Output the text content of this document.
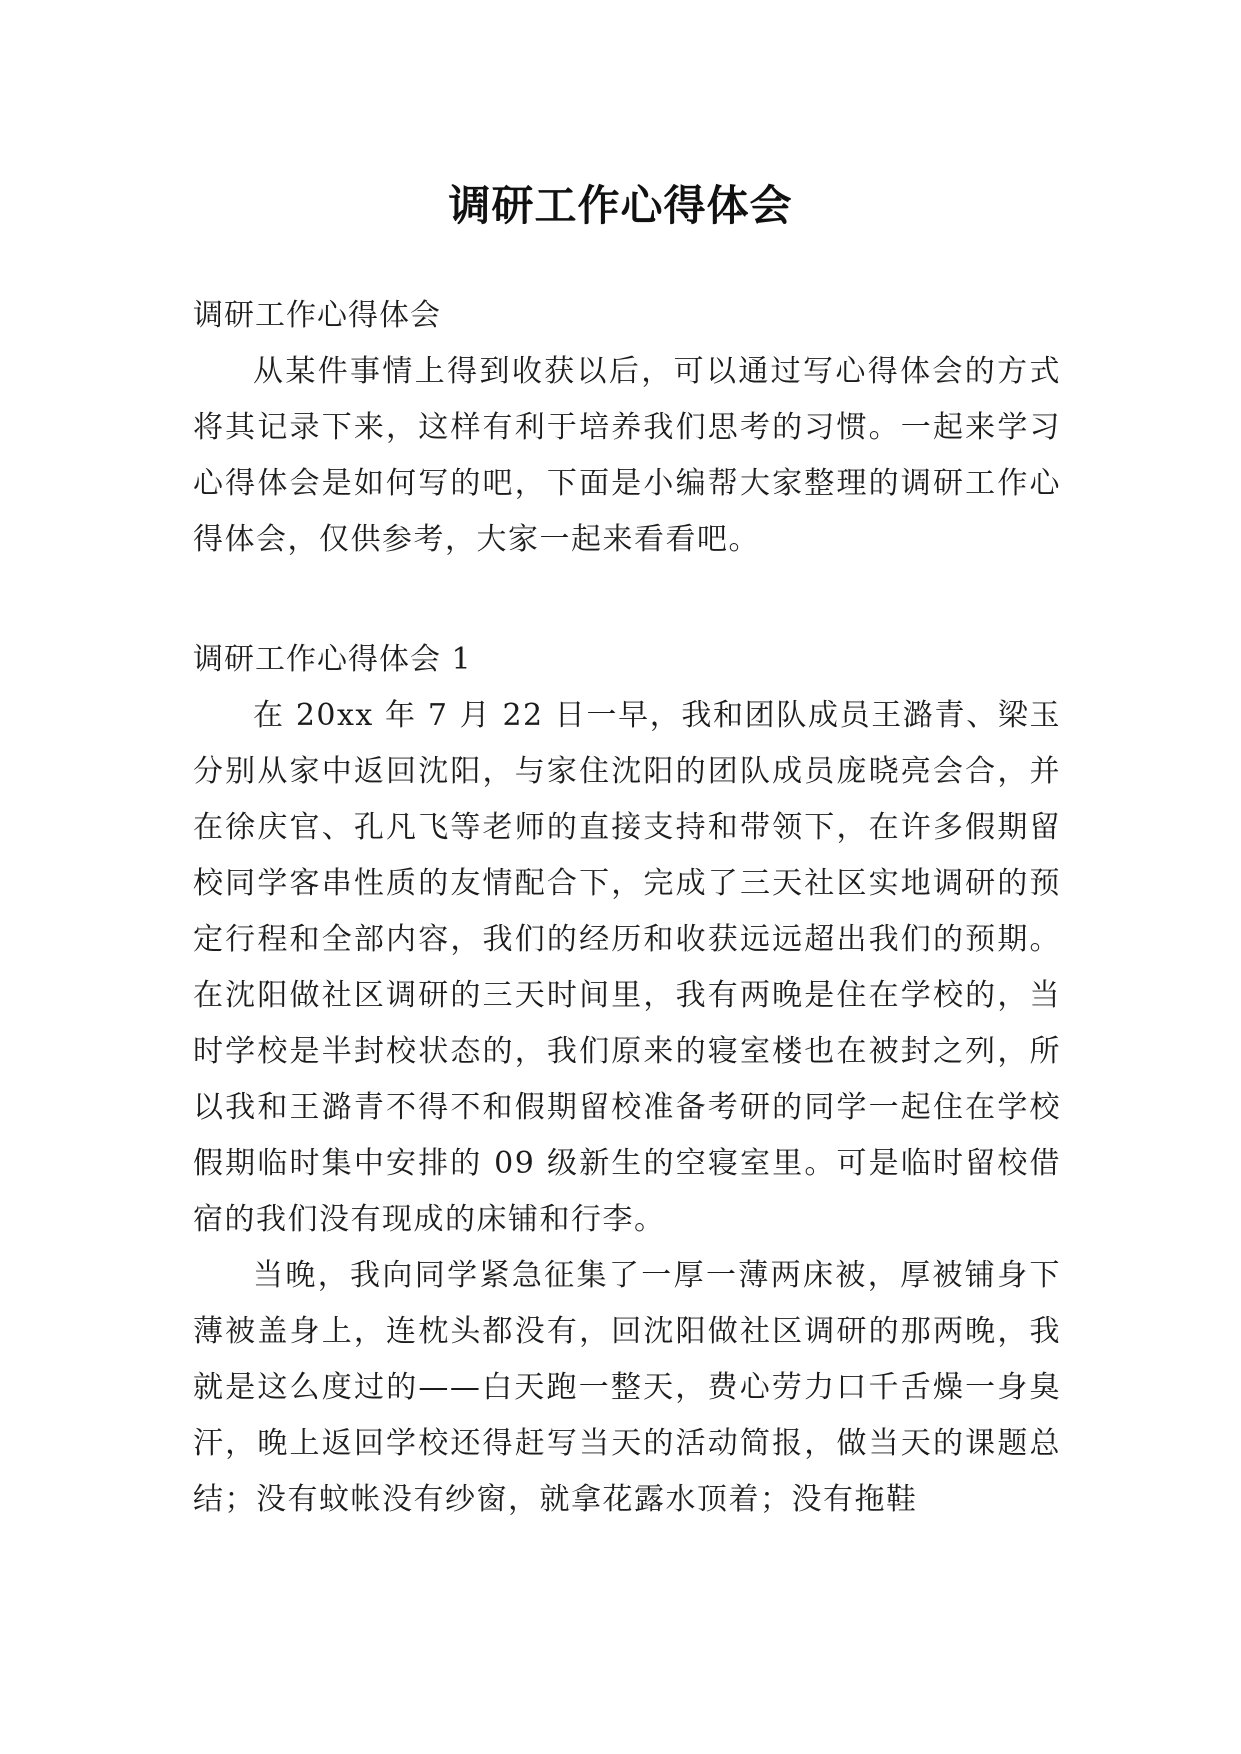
调研工作心得体会

调研工作心得体会

从某件事情上得到收获以后，可以通过写心得体会的方式将其记录下来，这样有利于培养我们思考的习惯。一起来学习心得体会是如何写的吧，下面是小编帮大家整理的调研工作心得体会，仅供参考，大家一起来看看吧。

调研工作心得体会 1

在 20xx 年 7 月 22 日一早，我和团队成员王潞青、梁玉分别从家中返回沈阳，与家住沈阳的团队成员庞晓亮会合，并在徐庆官、孔凡飞等老师的直接支持和带领下，在许多假期留校同学客串性质的友情配合下，完成了三天社区实地调研的预定行程和全部内容，我们的经历和收获远远超出我们的预期。在沈阳做社区调研的三天时间里，我有两晚是住在学校的，当时学校是半封校状态的，我们原来的寝室楼也在被封之列，所以我和王潞青不得不和假期留校准备考研的同学一起住在学校假期临时集中安排的 09 级新生的空寝室里。可是临时留校借宿的我们没有现成的床铺和行李。

当晚，我向同学紧急征集了一厚一薄两床被，厚被铺身下薄被盖身上，连枕头都没有，回沈阳做社区调研的那两晚，我就是这么度过的——白天跑一整天，费心劳力口千舌燥一身臭汗，晚上返回学校还得赶写当天的活动简报，做当天的课题总结；没有蚊帐没有纱窗，就拿花露水顶着；没有拖鞋
